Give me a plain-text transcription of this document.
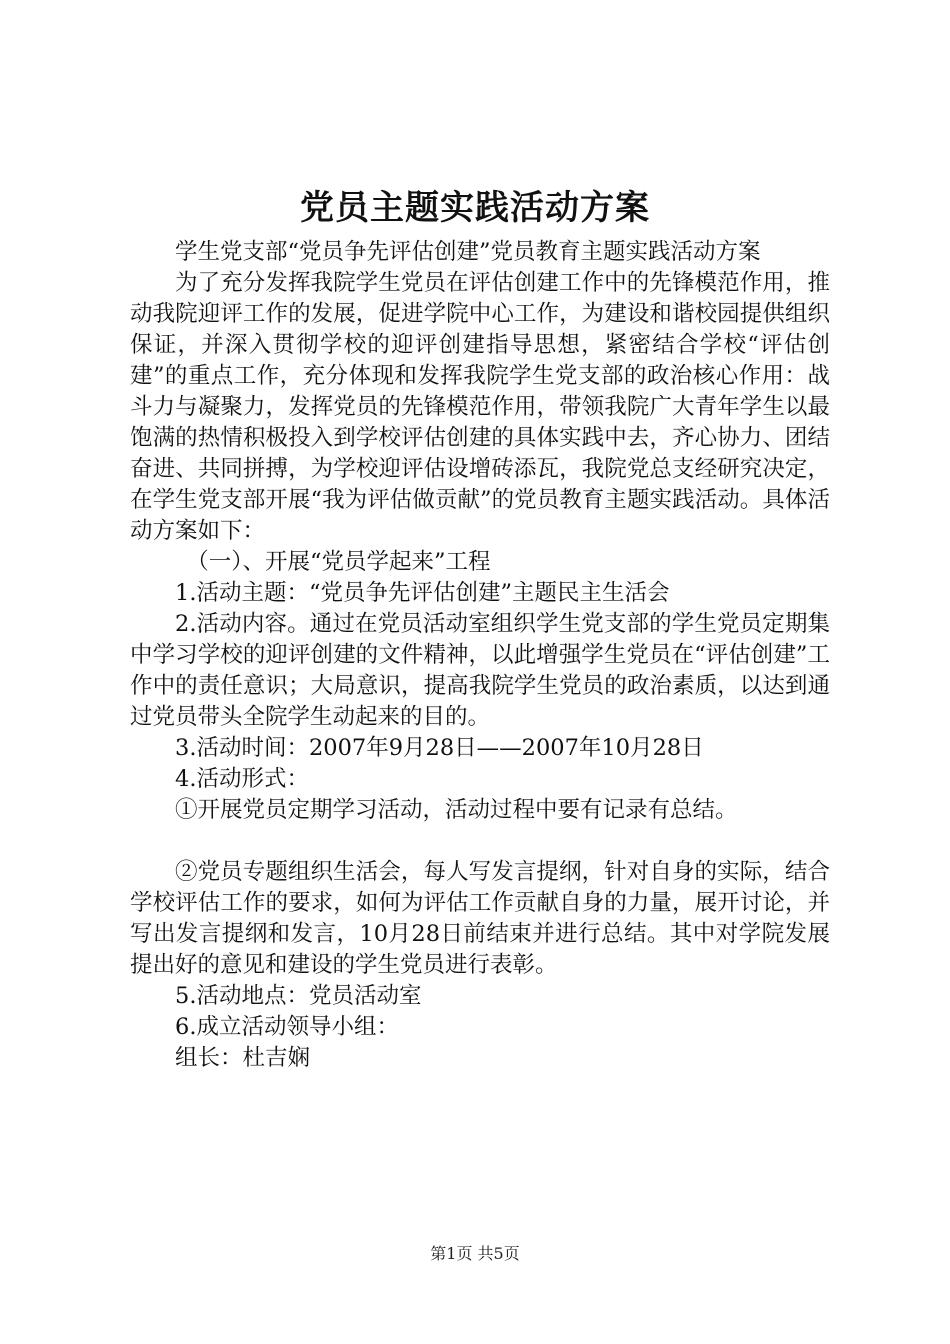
党员主题实践活动方案

学生党支部“党员争先评估创建”党员教育主题实践活动方案

为了充分发挥我院学生党员在评估创建工作中的先锋模范作用，推动我院迎评工作的发展，促进学院中心工作，为建设和谐校园提供组织保证，并深入贯彻学校的迎评创建指导思想，紧密结合学校“评估创建”的重点工作，充分体现和发挥我院学生党支部的政治核心作用：战斗力与凝聚力，发挥党员的先锋模范作用，带领我院广大青年学生以最饱满的热情积极投入到学校评估创建的具体实践中去，齐心协力、团结奋进、共同拼搏，为学校迎评估设增砖添瓦，我院党总支经研究决定，在学生党支部开展“我为评估做贡献”的党员教育主题实践活动。具体活动方案如下：

（一）、开展“党员学起来”工程

1.活动主题：“党员争先评估创建”主题民主生活会

2.活动内容。通过在党员活动室组织学生党支部的学生党员定期集中学习学校的迎评创建的文件精神，以此增强学生党员在“评估创建”工作中的责任意识；大局意识，提高我院学生党员的政治素质，以达到通过党员带头全院学生动起来的目的。

3.活动时间：2007年9月28日——2007年10月28日

4.活动形式：

①开展党员定期学习活动，活动过程中要有记录有总结。

②党员专题组织生活会，每人写发言提纲，针对自身的实际，结合学校评估工作的要求，如何为评估工作贡献自身的力量，展开讨论，并写出发言提纲和发言，10月28日前结束并进行总结。其中对学院发展提出好的意见和建设的学生党员进行表彰。

5.活动地点：党员活动室

6.成立活动领导小组：

组长：杜吉娴

第1页 共5页
